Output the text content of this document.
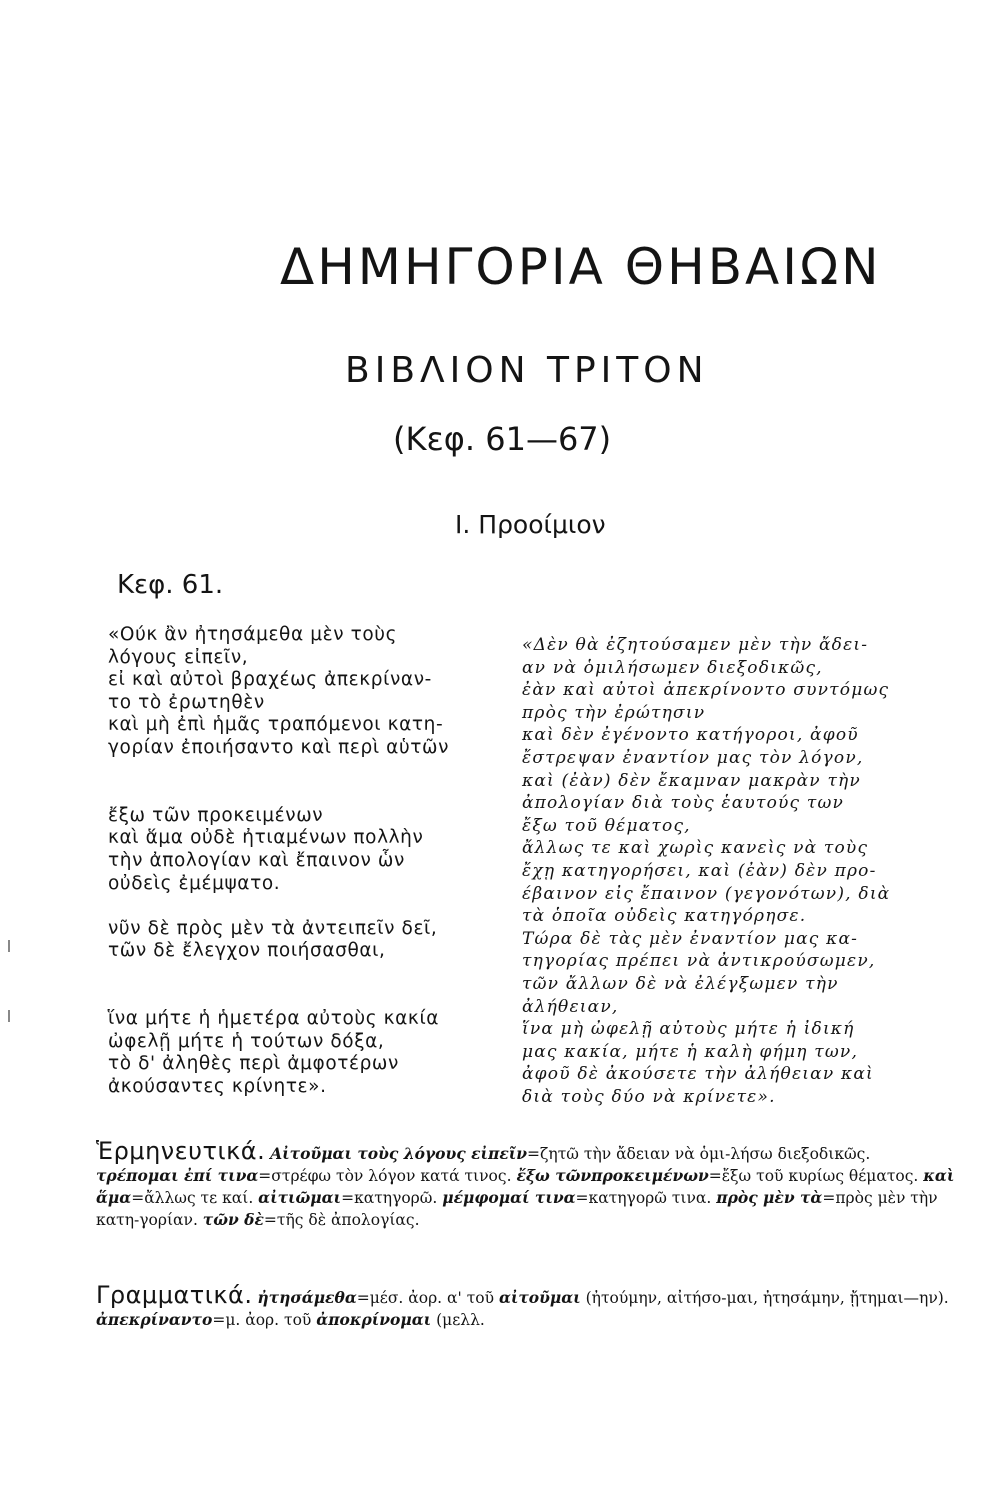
ΔΗΜΗΓΟΡΙΑ ΘΗΒΑΙΩΝ
ΒΙΒΛΙΟΝ ΤΡΙΤΟΝ
(Κεφ. 61—67)
Ι. Προοίμιον
Κεφ. 61.
«Ούκ ἂν ἠτησάμεθα μὲν τοὺς
λόγους εἰπεῖν,
εἰ καὶ αὐτοὶ βραχέως ἀπεκρίναν-
το τὸ ἐρωτηθὲν
καὶ μὴ ἐπὶ ἡμᾶς τραπόμενοι κατη-
γορίαν ἐποιήσαντο καὶ περὶ αὑτῶν
ἔξω τῶν προκειμένων
καὶ ἅμα οὐδὲ ἠτιαμένων πολλὴν
τὴν ἀπολογίαν καὶ ἔπαινον ὧν
οὐδεὶς ἐμέμψατο.
νῦν δὲ πρὸς μὲν τὰ ἀντειπεῖν δεῖ,
τῶν δὲ ἔλεγχον ποιήσασθαι,
ἵνα μήτε ἡ ἡμετέρα αὐτοὺς κακία
ὠφελῇ μήτε ἡ τούτων δόξα,
τὸ δ' ἀληθὲς περὶ ἀμφοτέρων
ἀκούσαντες κρίνητε».
«Δὲν θὰ ἐζητούσαμεν μὲν τὴν ἄδει-
αν νὰ ὁμιλήσωμεν διεξοδικῶς,
ἐὰν καὶ αὐτοὶ ἀπεκρίνοντο συντόμως
πρὸς τὴν ἐρώτησιν
καὶ δὲν ἐγένοντο κατήγοροι, ἀφοῦ
ἔστρεψαν ἐναντίον μας τὸν λόγον,
καὶ (ἐὰν) δὲν ἔκαμναν μακρὰν τὴν
ἀπολογίαν διὰ τοὺς ἑαυτούς των
ἔξω τοῦ θέματος,
ἄλλως τε καὶ χωρὶς κανεὶς νὰ τοὺς
ἔχῃ κατηγορήσει, καὶ (ἐὰν) δὲν προ-
έβαινον εἰς ἔπαινον (γεγονότων), διὰ
τὰ ὁποῖα οὐδεὶς κατηγόρησε.
Τώρα δὲ τὰς μὲν ἐναντίον μας κα-
τηγορίας πρέπει νὰ ἀντικρούσωμεν,
τῶν ἄλλων δὲ νὰ ἐλέγξωμεν τὴν
ἀλήθειαν,
ἵνα μὴ ὠφελῇ αὐτοὺς μήτε ἡ ἰδική
μας κακία, μήτε ἡ καλὴ φήμη των,
ἀφοῦ δὲ ἀκούσετε τὴν ἀλήθειαν καὶ
διὰ τοὺς δύο νὰ κρίνετε».
Ἑρμηνευτικά. Αἰτοῦμαι τοὺς λόγους εἰπεῖν=ζητῶ τὴν ἄδειαν νὰ ὁμι-λήσω διεξοδικῶς. τρέπομαι ἐπί τινα=στρέφω τὸν λόγον κατά τινος. ἔξω τῶνπροκειμένων=ἔξω τοῦ κυρίως θέματος. καὶ ἅμα=ἄλλως τε καί. αἰτιῶμαι=κατηγορῶ. μέμφομαί τινα=κατηγορῶ τινα. πρὸς μὲν τὰ=πρὸς μὲν τὴν κατη-γορίαν. τῶν δὲ=τῆς δὲ ἀπολογίας.
Γραμματικά. ἠτησάμεθα=μέσ. ἀορ. α' τοῦ αἰτοῦμαι (ἠτούμην, αἰτήσο-μαι, ἠτησάμην, ᾔτημαι—ην). ἀπεκρίναντο=μ. ἀορ. τοῦ ἀποκρίνομαι (μελλ.
